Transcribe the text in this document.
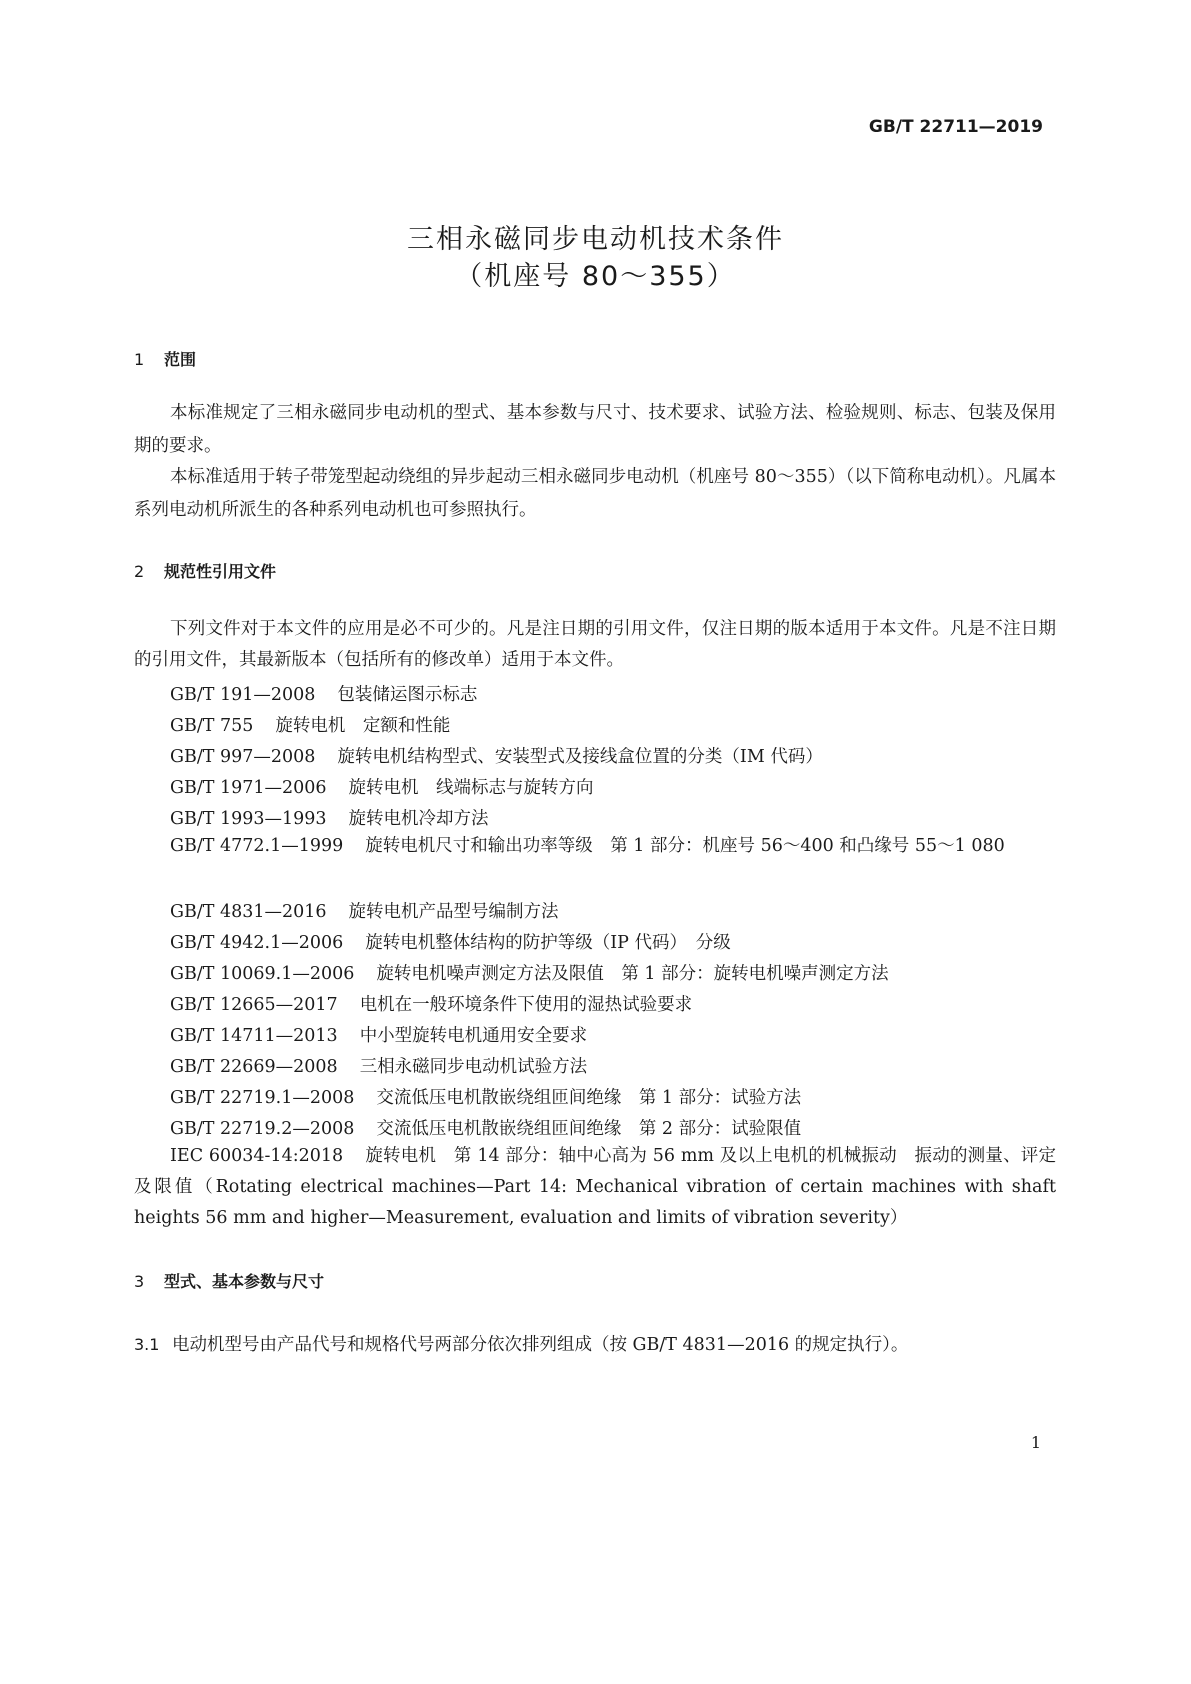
GB/T 22711—2019
三相永磁同步电动机技术条件
（机座号 80～355）
1 范围
本标准规定了三相永磁同步电动机的型式、基本参数与尺寸、技术要求、试验方法、检验规则、标志、包装及保用期的要求。
本标准适用于转子带笼型起动绕组的异步起动三相永磁同步电动机（机座号 80～355）（以下简称电动机）。凡属本系列电动机所派生的各种系列电动机也可参照执行。
2 规范性引用文件
下列文件对于本文件的应用是必不可少的。凡是注日期的引用文件，仅注日期的版本适用于本文件。凡是不注日期的引用文件，其最新版本（包括所有的修改单）适用于本文件。
GB/T 191—2008 包装储运图示标志
GB/T 755 旋转电机　定额和性能
GB/T 997—2008 旋转电机结构型式、安装型式及接线盒位置的分类（IM 代码）
GB/T 1971—2006 旋转电机　线端标志与旋转方向
GB/T 1993—1993 旋转电机冷却方法
GB/T 4772.1—1999 旋转电机尺寸和输出功率等级　第 1 部分：机座号 56～400 和凸缘号 55～1 080
GB/T 4831—2016 旋转电机产品型号编制方法
GB/T 4942.1—2006 旋转电机整体结构的防护等级（IP 代码）　分级
GB/T 10069.1—2006 旋转电机噪声测定方法及限值　第 1 部分：旋转电机噪声测定方法
GB/T 12665—2017 电机在一般环境条件下使用的湿热试验要求
GB/T 14711—2013 中小型旋转电机通用安全要求
GB/T 22669—2008 三相永磁同步电动机试验方法
GB/T 22719.1—2008 交流低压电机散嵌绕组匝间绝缘　第 1 部分：试验方法
GB/T 22719.2—2008 交流低压电机散嵌绕组匝间绝缘　第 2 部分：试验限值
IEC 60034-14:2018 旋转电机　第 14 部分：轴中心高为 56 mm 及以上电机的机械振动　振动的测量、评定及限值（Rotating electrical machines—Part 14: Mechanical vibration of certain machines with shaft heights 56 mm and higher—Measurement, evaluation and limits of vibration severity）
3 型式、基本参数与尺寸
3.1 电动机型号由产品代号和规格代号两部分依次排列组成（按 GB/T 4831—2016 的规定执行）。
1
